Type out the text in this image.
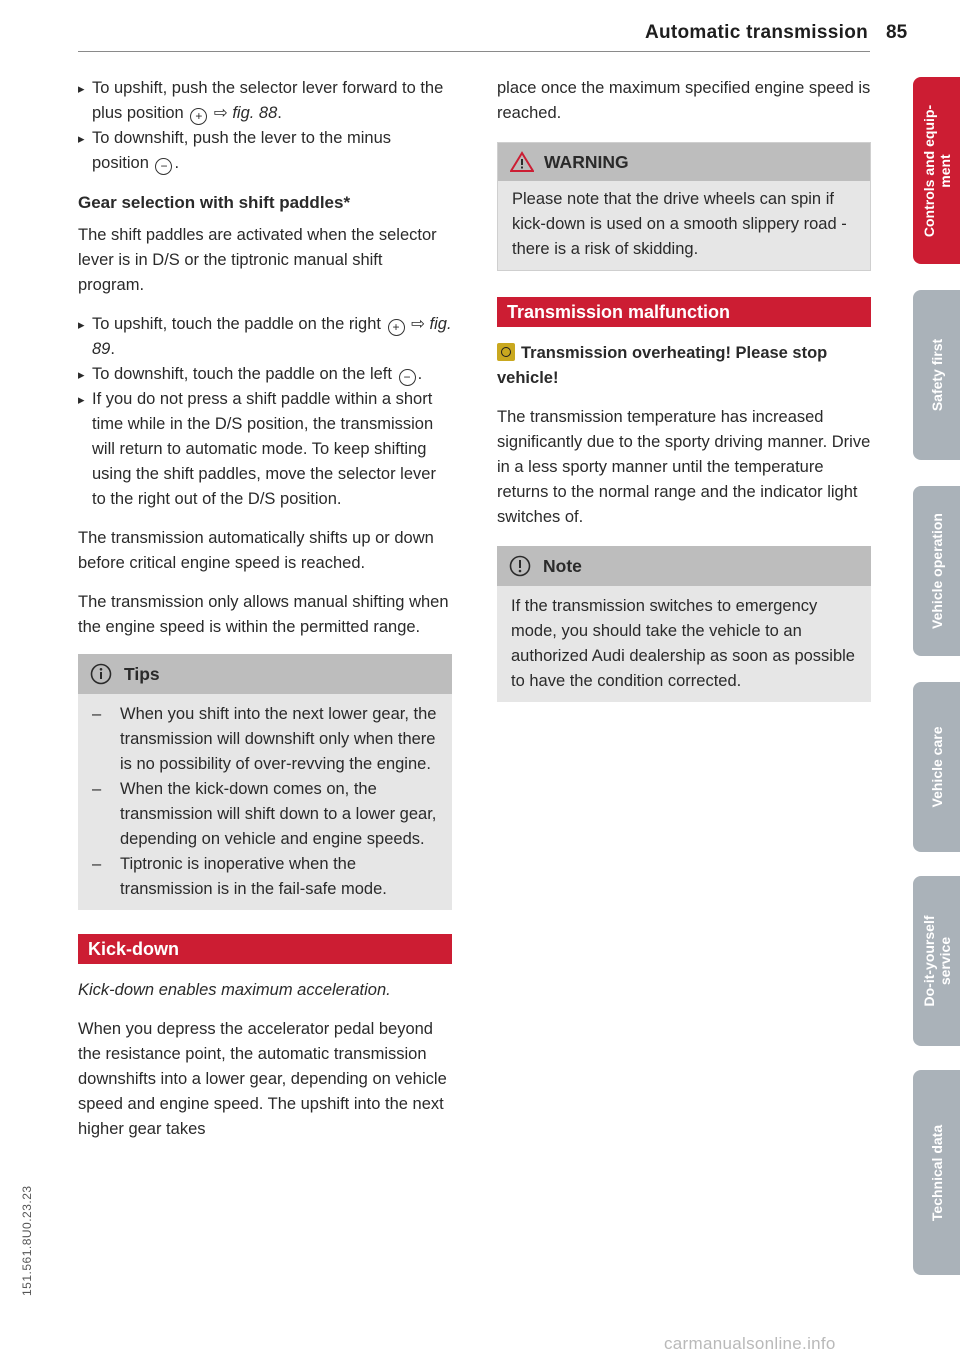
Automatic transmission 85
▸ To upshift, push the selector lever forward to the plus position + ⇨ fig. 88.
▸ To downshift, push the lever to the minus position − .
Gear selection with shift paddles*

The shift paddles are activated when the selector lever is in D/S or the tiptronic manual shift program.

▸ To upshift, touch the paddle on the right + ⇨ fig. 89.
▸ To downshift, touch the paddle on the left − .
▸ If you do not press a shift paddle within a short time while in the D/S position, the transmission will return to automatic mode. To keep shifting using the shift paddles, move the selector lever to the right out of the D/S position.

The transmission automatically shifts up or down before critical engine speed is reached.

The transmission only allows manual shifting when the engine speed is within the permitted range.

Tips
– When you shift into the next lower gear, the transmission will downshift only when there is no possibility of over-revving the engine.
– When the kick-down comes on, the transmission will shift down to a lower gear, depending on vehicle and engine speeds.
– Tiptronic is inoperative when the transmission is in the fail-safe mode.
Kick-down

Kick-down enables maximum acceleration.

When you depress the accelerator pedal beyond the resistance point, the automatic transmission downshifts into a lower gear, depending on vehicle speed and engine speed. The upshift into the next higher gear takes

place once the maximum specified engine speed is reached.

WARNING

Please note that the drive wheels can spin if kick-down is used on a smooth slippery road - there is a risk of skidding.

Transmission malfunction
Transmission overheating! Please stop vehicle!

The transmission temperature has increased significantly due to the sporty driving manner. Drive in a less sporty manner until the temperature returns to the normal range and the indicator light switches of.

Note

If the transmission switches to emergency mode, you should take the vehicle to an authorized Audi dealership as soon as possible to have the condition corrected.

Controls and equip-
ment
Safety first
Vehicle operation
Vehicle care
Do-it-yourself
service
Technical data
151.561.8U0.23.23
carmanualsonline.info
